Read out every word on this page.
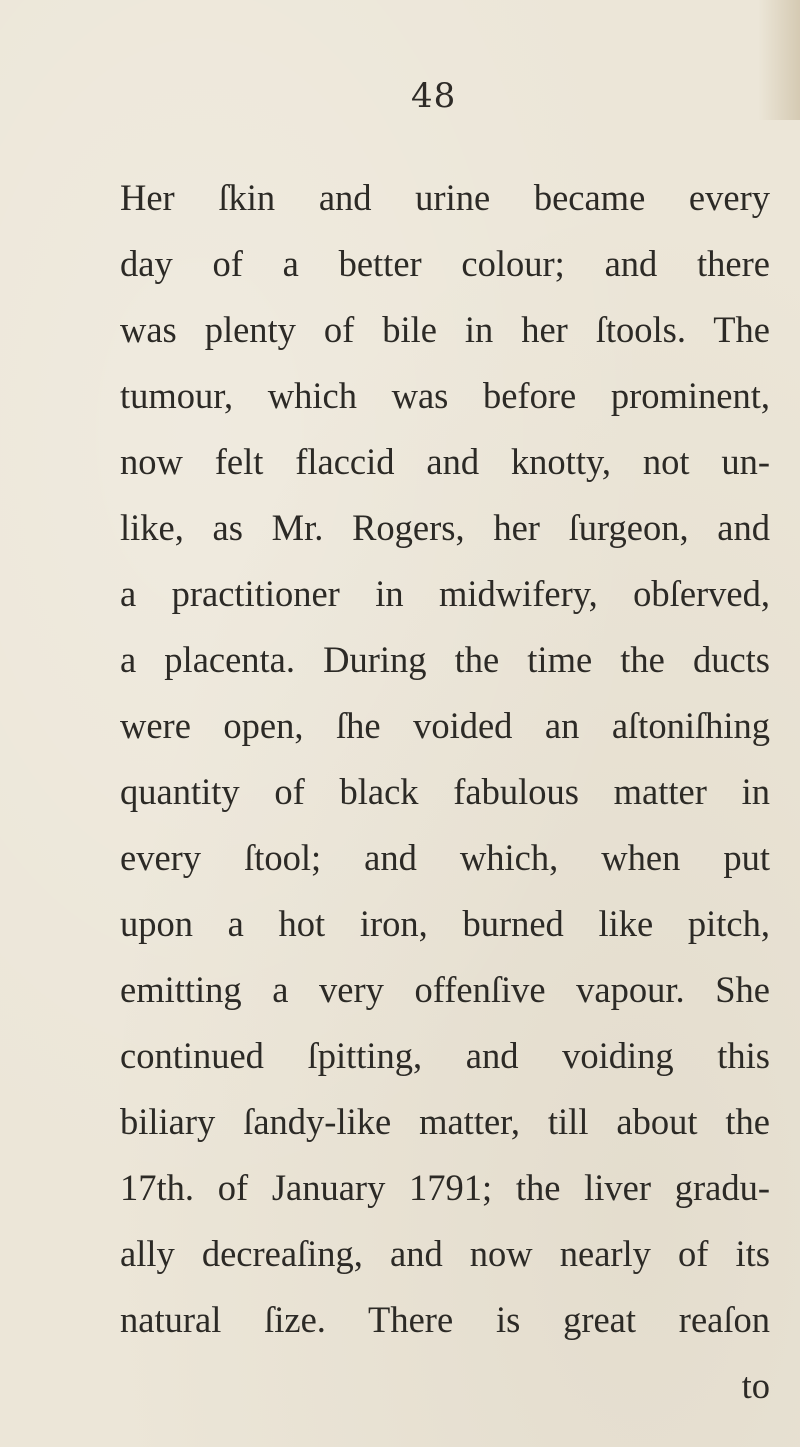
48
Her ſkin and urine became every
day of a better colour; and there
was plenty of bile in her ſtools. The
tumour, which was before prominent,
now felt flaccid and knotty, not un-
like, as Mr. Rogers, her ſurgeon, and
a practitioner in midwifery, obſerved,
a placenta. During the time the ducts
were open, ſhe voided an aſtoniſhing
quantity of black fabulous matter in
every ſtool; and which, when put
upon a hot iron, burned like pitch,
emitting a very offenſive vapour. She
continued ſpitting, and voiding this
biliary ſandy-like matter, till about the
17th. of January 1791; the liver gradu-
ally decreaſing, and now nearly of its
natural ſize. There is great reaſon
to
